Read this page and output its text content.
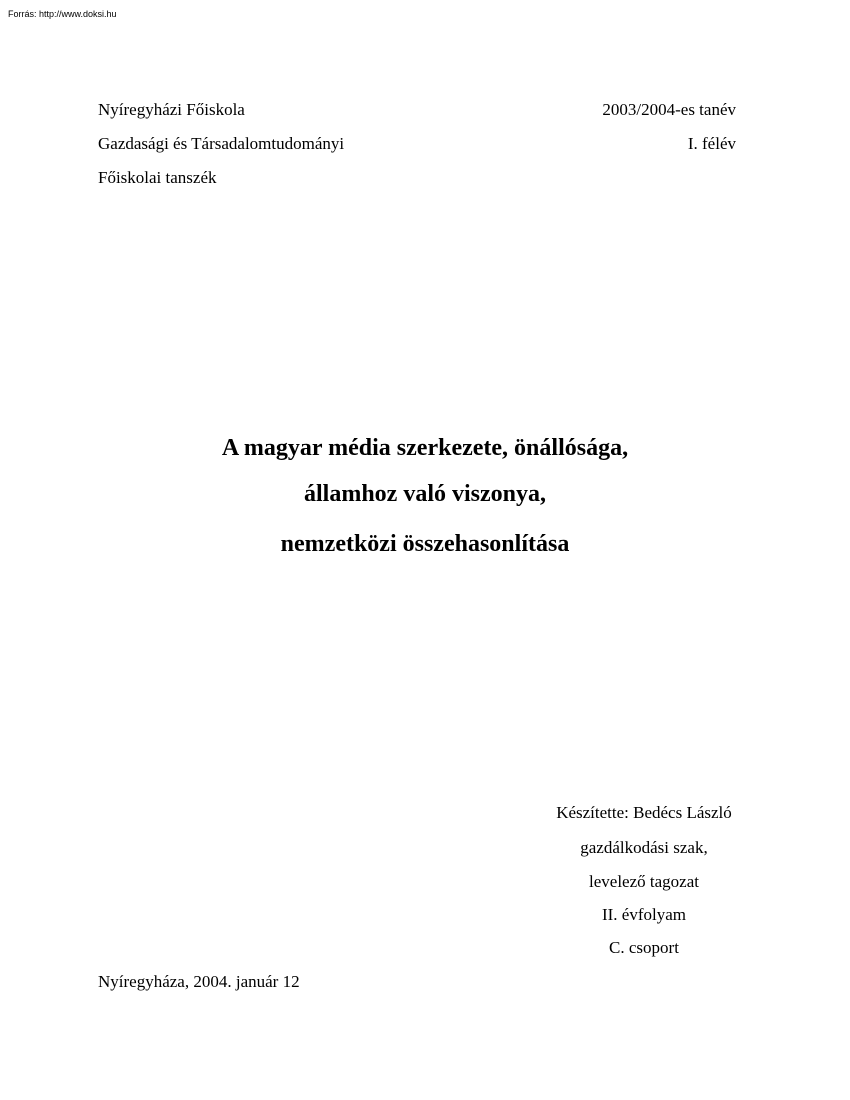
Forrás: http://www.doksi.hu
Nyíregyházi Főiskola
Gazdasági és Társadalomtudományi
Főiskolai tanszék
2003/2004-es tanév
I. félév
A magyar média szerkezete, önállósága,
államhoz való viszonya,
nemzetközi összehasonlítása
Készítette: Bedécs László
gazdálkodási szak,
levelező tagozat
II. évfolyam
C. csoport
Nyíregyháza, 2004. január 12
